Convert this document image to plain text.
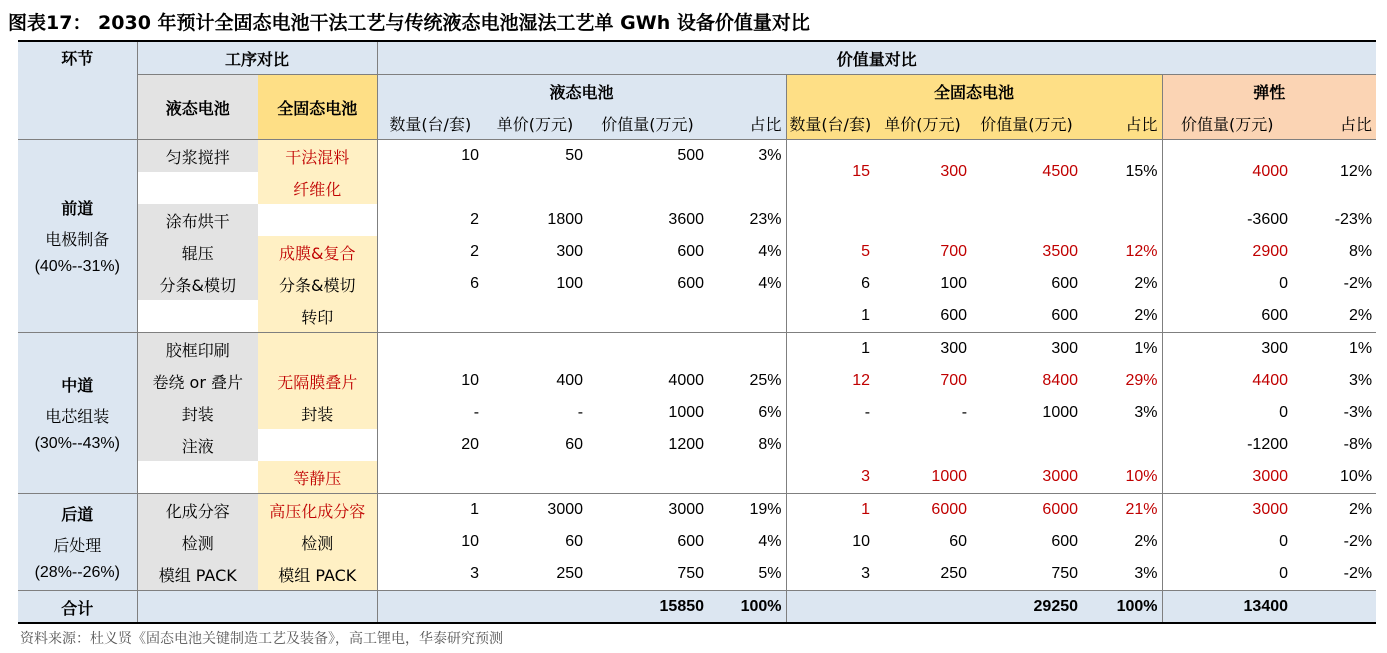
图表17： 2030 年预计全固态电池干法工艺与传统液态电池湿法工艺单 GWh 设备价值量对比
环节	工序对比		价值量对比									
	液态电池	全固态电池	液态电池				全固态电池				弹性	
			数量(台/套)	单价(万元)	价值量(万元)	占比	数量(台/套)	单价(万元)	价值量(万元)	占比	价值量(万元)	占比

前道
电极制备
(40%--31%)	匀浆搅拌	干法混料	10	50	500	3%	15	300	4500	15%	4000	12%
		纤维化										
	涂布烘干		2	1800	3600	23%					-3600	-23%
	辊压	成膜&复合	2	300	600	4%	5	700	3500	12%	2900	8%
	分条&模切	分条&模切	6	100	600	4%	6	100	600	2%	0	-2%
		转印					1	600	600	2%	600	2%

中道
电芯组装
(30%--43%)	胶框印刷						1	300	300	1%	300	1%
	卷绕 or 叠片	无隔膜叠片	10	400	4000	25%	12	700	8400	29%	4400	3%
	封装	封装	-	-	1000	6%	-	-	1000	3%	0	-3%
	注液		20	60	1200	8%					-1200	-8%
		等静压					3	1000	3000	10%	3000	10%

后道
后处理
(28%--26%)	化成分容	高压化成分容	1	3000	3000	19%	1	6000	6000	21%	3000	2%
	检测	检测	10	60	600	4%	10	60	600	2%	0	-2%
	模组 PACK	模组 PACK	3	250	750	5%	3	250	750	3%	0	-2%
合计					15850	100%			29250	100%	13400	
资料来源：杜义贤《固态电池关键制造工艺及装备》，高工锂电，华泰研究预测
